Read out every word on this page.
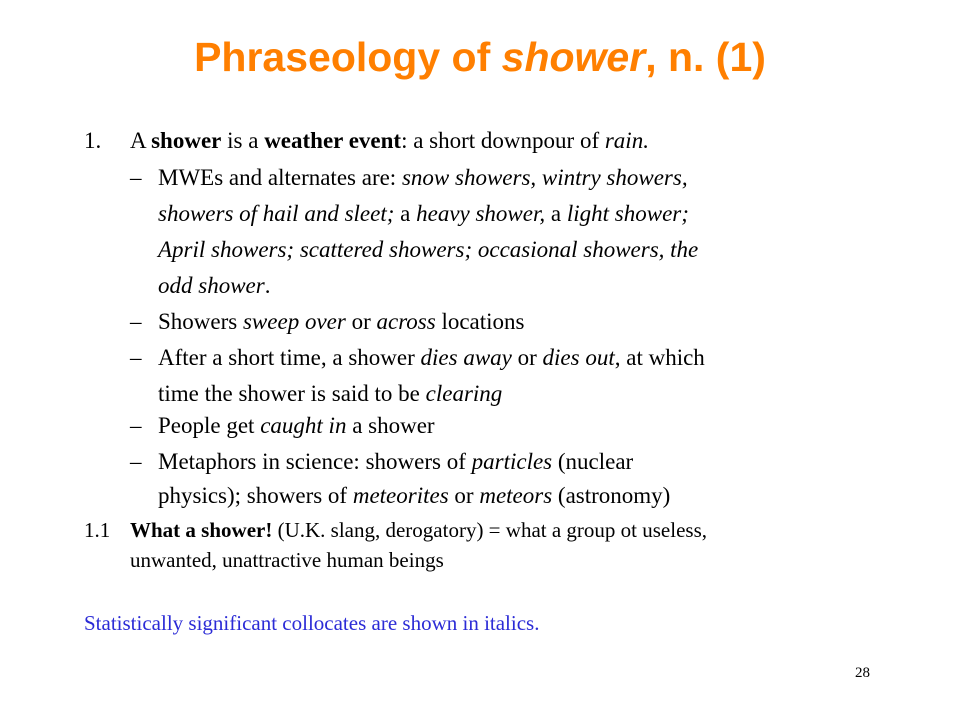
Phraseology of shower, n. (1)
1. A shower is a weather event: a short downpour of rain.
– MWEs and alternates are: snow showers, wintry showers,
showers of hail and sleet; a heavy shower, a light shower;
April showers; scattered showers; occasional showers, the
odd shower.
– Showers sweep over or across locations
– After a short time, a shower dies away or dies out, at which
time the shower is said to be clearing
– People get caught in a shower
– Metaphors in science: showers of particles (nuclear
physics); showers of meteorites or meteors (astronomy)
1.1 What a shower! (U.K. slang, derogatory) = what a group ot useless,
unwanted, unattractive human beings
Statistically significant collocates are shown in italics.
28
